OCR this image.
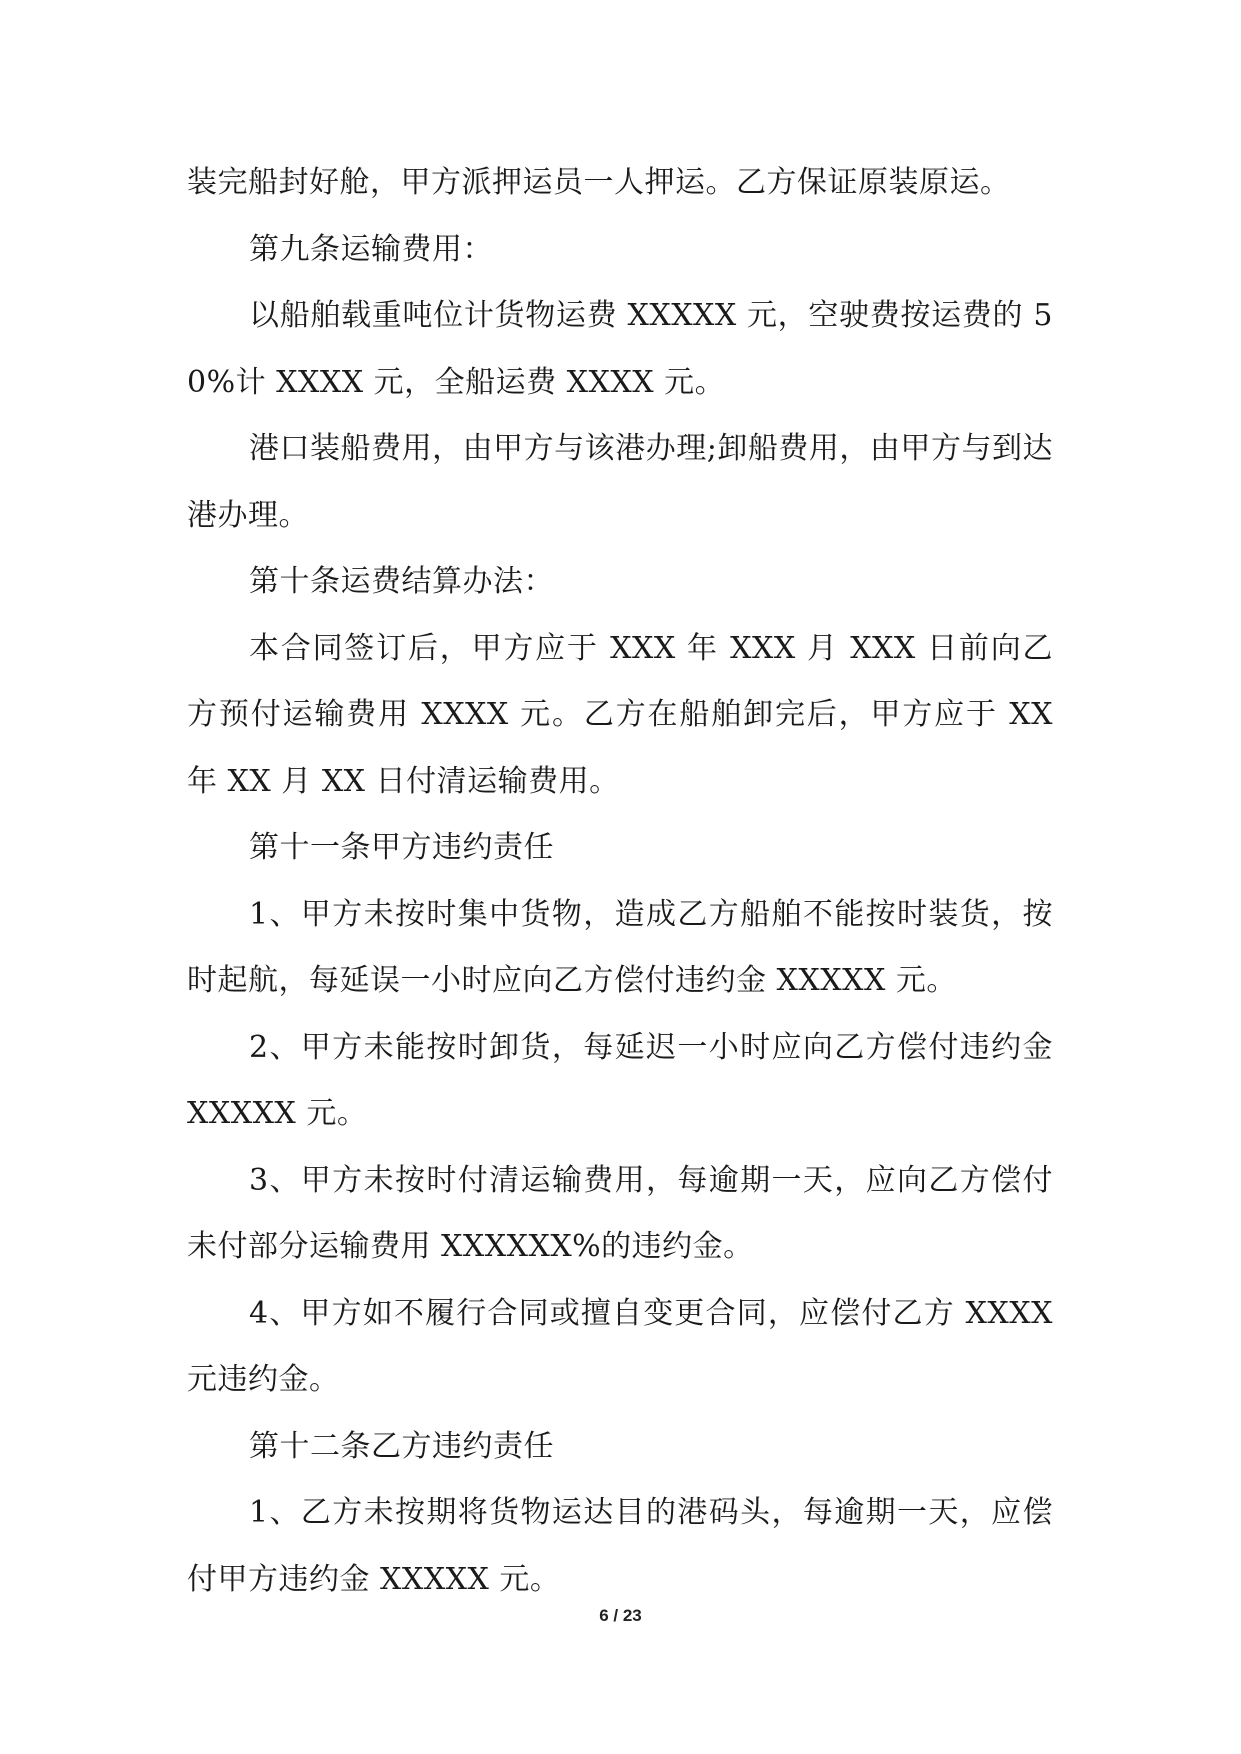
装完船封好舱，甲方派押运员一人押运。乙方保证原装原运。

第九条运输费用：

以船舶载重吨位计货物运费 XXXXX 元，空驶费按运费的 50%计 XXXX 元，全船运费 XXXX 元。

港口装船费用，由甲方与该港办理;卸船费用，由甲方与到达港办理。

第十条运费结算办法：

本合同签订后，甲方应于 XXX 年 XXX 月 XXX 日前向乙方预付运输费用 XXXX 元。乙方在船舶卸完后，甲方应于 XX 年 XX 月 XX 日付清运输费用。

第十一条甲方违约责任

1、甲方未按时集中货物，造成乙方船舶不能按时装货，按时起航，每延误一小时应向乙方偿付违约金 XXXXX 元。

2、甲方未能按时卸货，每延迟一小时应向乙方偿付违约金 XXXXX 元。

3、甲方未按时付清运输费用，每逾期一天，应向乙方偿付未付部分运输费用 XXXXXX%的违约金。

4、甲方如不履行合同或擅自变更合同，应偿付乙方 XXXX 元违约金。

第十二条乙方违约责任

1、乙方未按期将货物运达目的港码头，每逾期一天，应偿付甲方违约金 XXXXX 元。

6 / 23
